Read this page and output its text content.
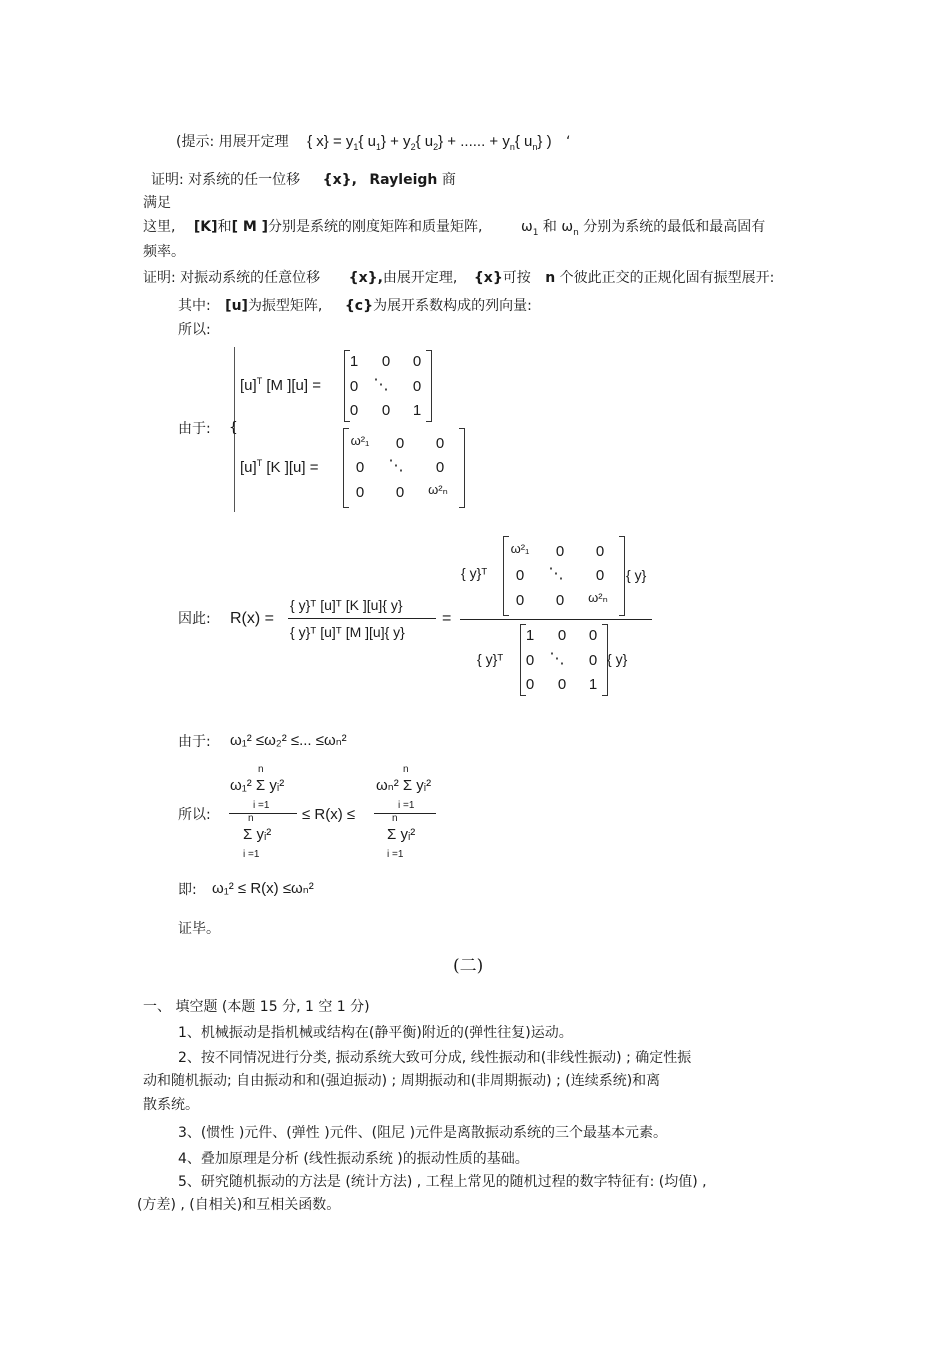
(提示: 用展开定理 { $x\} = y_1${ $u_1\} + y_2${ $u_2$} + ...... + $y_n${ $u_n$} ) ‘
证明: 对系统的任一位移 {x}, Rayleigh 商
满足
这里, [K]和[ M ]分别是系统的刚度矩阵和质量矩阵,	$\omega_1$ 和 $\omega_n$ 分别为系统的最低和最高固有
频率。
证明: 对振动系统的任意位移 {x},由展开定理, {x}可按 n 个彼此正交的正规化固有振型展开:
其中: [u]为振型矩阵, {c}为展开系数构成的列向量:
所以:
由于: {
$[u]^T$ [M ][u] =
1	0	0
0	⋱	0
0	0	1
$[u]^T$ [K ][u] =
ω²₁	0	0
0	⋱	0
0	0	ω²ₙ
因此: R(x) =
{ y}ᵀ [u]ᵀ [K ][u]{ y}
{ y}ᵀ [u]ᵀ [M ][u]{ y}
=
{ y}ᵀ
ω²₁	0	0
0	⋱	0
0	0	ω²ₙ
{ y}
{ y}ᵀ
1	0	0
0	⋱	0
0	0	1
{ y}
由于: ω₁² ≤ω₂² ≤... ≤ωₙ²
所以:
n
ω₁² Σ yᵢ²
i =1
n
Σ yᵢ²
i =1
≤ R(x) ≤
n
ωₙ² Σ yᵢ²
i =1
n
Σ yᵢ²
i =1
即: ω₁² ≤ R(x) ≤ωₙ²
证毕。
(二)
一、 填空题 (本题 15 分, 1 空 1 分)
1、机械振动是指机械或结构在(静平衡)附近的(弹性往复)运动。
2、按不同情况进行分类, 振动系统大致可分成, 线性振动和(非线性振动) ; 确定性振
动和随机振动; 自由振动和和(强迫振动) ; 周期振动和(非周期振动) ; (连续系统)和离
散系统。
3、(惯性 )元件、(弹性 )元件、(阻尼 )元件是离散振动系统的三个最基本元素。
4、叠加原理是分析 (线性振动系统 )的振动性质的基础。
5、研究随机振动的方法是 (统计方法) , 工程上常见的随机过程的数字特征有: (均值) ,
(方差) , (自相关)和互相关函数。
